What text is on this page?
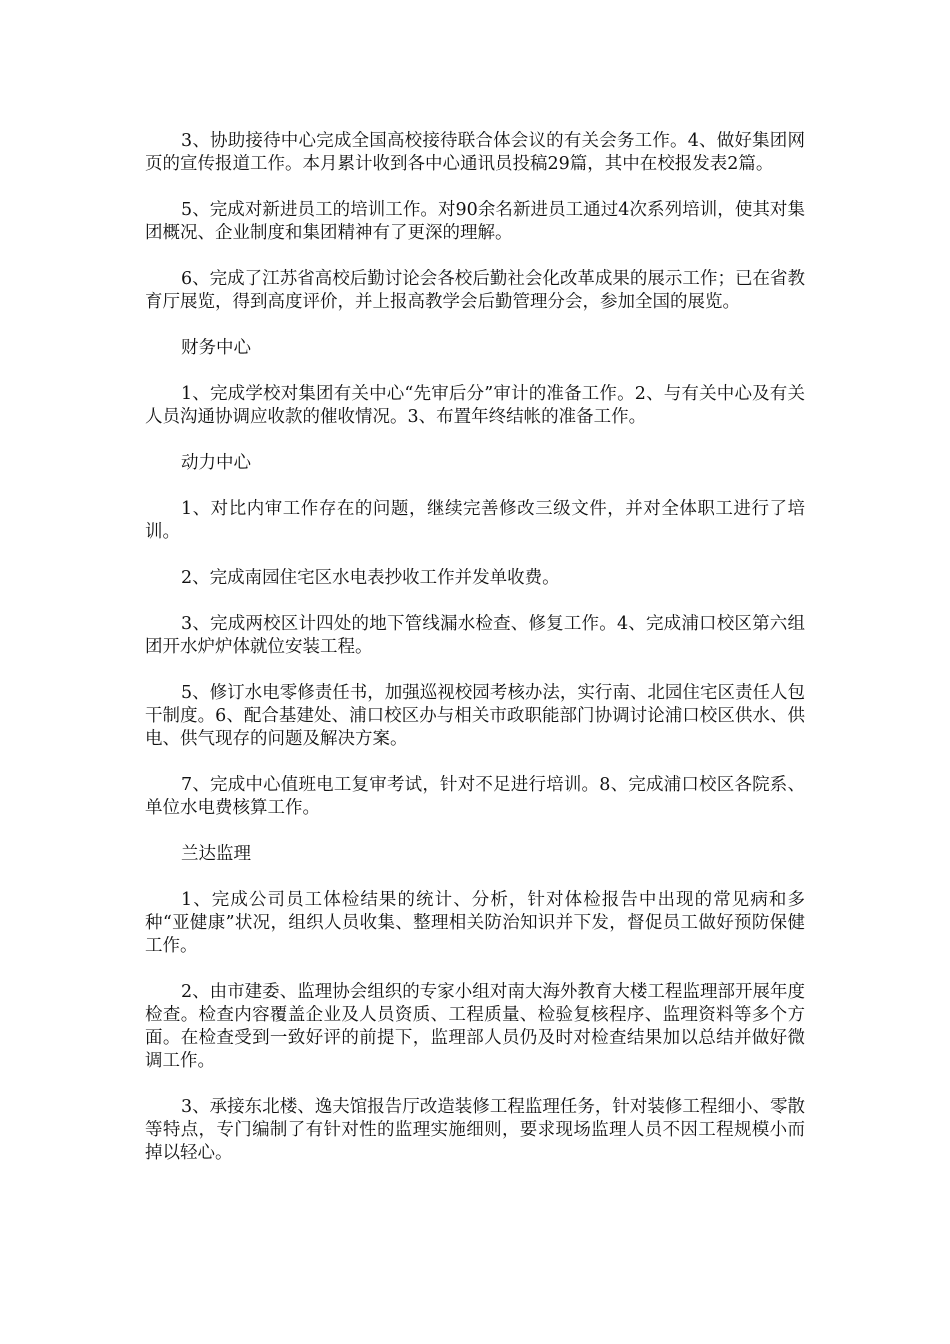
3、协助接待中心完成全国高校接待联合体会议的有关会务工作。4、做好集团网页的宣传报道工作。本月累计收到各中心通讯员投稿29篇，其中在校报发表2篇。

5、完成对新进员工的培训工作。对90余名新进员工通过4次系列培训，使其对集团概况、企业制度和集团精神有了更深的理解。

6、完成了江苏省高校后勤讨论会各校后勤社会化改革成果的展示工作；已在省教育厅展览，得到高度评价，并上报高教学会后勤管理分会，参加全国的展览。

财务中心

1、完成学校对集团有关中心“先审后分”审计的准备工作。2、与有关中心及有关人员沟通协调应收款的催收情况。3、布置年终结帐的准备工作。

动力中心

1、对比内审工作存在的问题，继续完善修改三级文件，并对全体职工进行了培训。

2、完成南园住宅区水电表抄收工作并发单收费。

3、完成两校区计四处的地下管线漏水检查、修复工作。4、完成浦口校区第六组团开水炉炉体就位安装工程。

5、修订水电零修责任书，加强巡视校园考核办法，实行南、北园住宅区责任人包干制度。6、配合基建处、浦口校区办与相关市政职能部门协调讨论浦口校区供水、供电、供气现存的问题及解决方案。

7、完成中心值班电工复审考试，针对不足进行培训。8、完成浦口校区各院系、单位水电费核算工作。

兰达监理

1、完成公司员工体检结果的统计、分析，针对体检报告中出现的常见病和多种“亚健康”状况，组织人员收集、整理相关防治知识并下发，督促员工做好预防保健工作。

2、由市建委、监理协会组织的专家小组对南大海外教育大楼工程监理部开展年度检查。检查内容覆盖企业及人员资质、工程质量、检验复核程序、监理资料等多个方面。在检查受到一致好评的前提下，监理部人员仍及时对检查结果加以总结并做好微调工作。

3、承接东北楼、逸夫馆报告厅改造装修工程监理任务，针对装修工程细小、零散等特点，专门编制了有针对性的监理实施细则，要求现场监理人员不因工程规模小而掉以轻心。
